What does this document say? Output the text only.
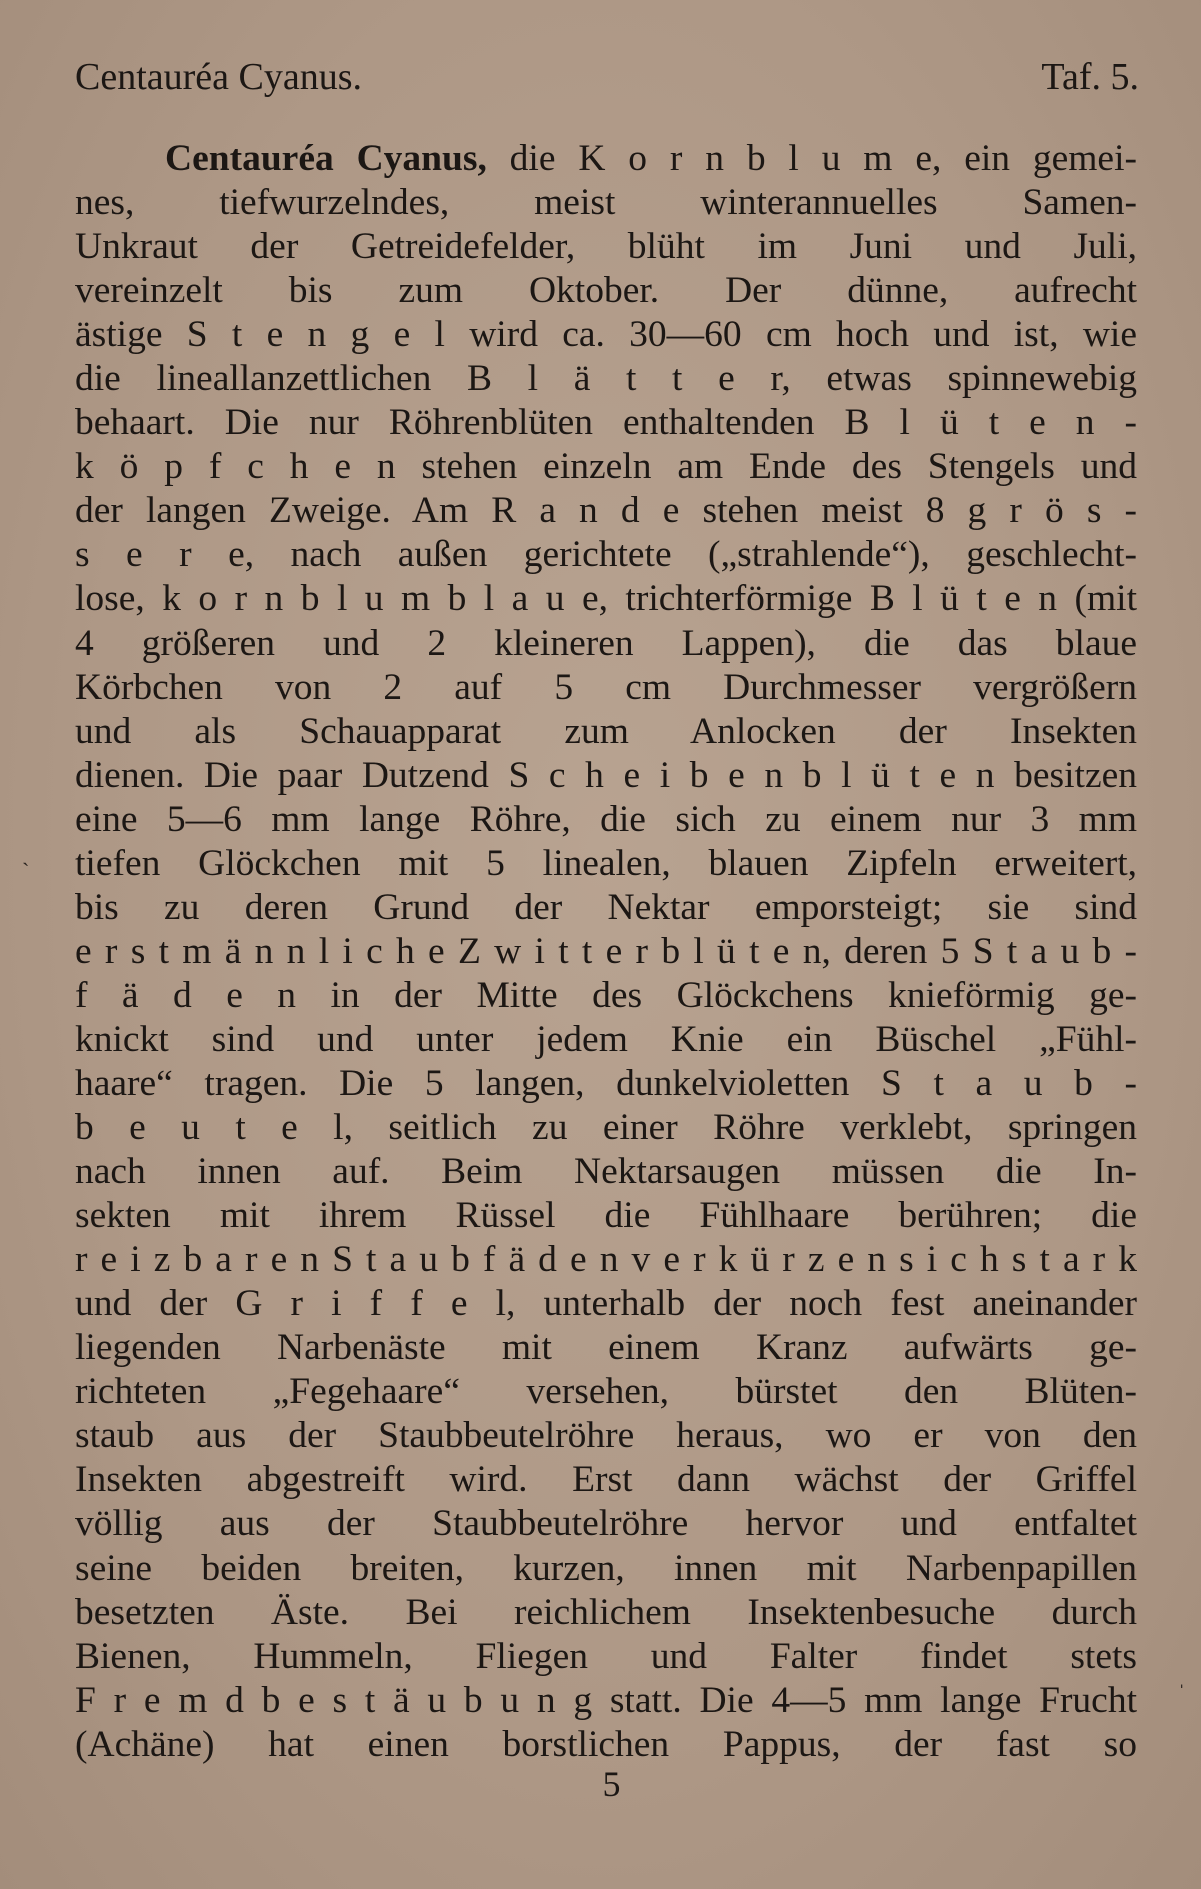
Centauréa Cyanus.	Taf. 5.
Centauréa Cyanus, die K o r n b l u m e, ein gemei-
nes, tiefwurzelndes, meist winterannuelles Samen-
Unkraut der Getreidefelder, blüht im Juni und Juli,
vereinzelt bis zum Oktober. Der dünne, aufrecht
ästige S t e n g e l wird ca. 30—60 cm hoch und ist, wie
die lineallanzettlichen B l ä t t e r, etwas spinnewebig
behaart. Die nur Röhrenblüten enthaltenden B l ü t e n -
k ö p f c h e n stehen einzeln am Ende des Stengels und
der langen Zweige. Am R a n d e stehen meist 8 g r ö s -
s e r e, nach außen gerichtete („strahlende“), geschlecht-
lose, k o r n b l u m b l a u e, trichterförmige B l ü t e n (mit
4 größeren und 2 kleineren Lappen), die das blaue
Körbchen von 2 auf 5 cm Durchmesser vergrößern
und als Schauapparat zum Anlocken der Insekten
dienen. Die paar Dutzend S c h e i b e n b l ü t e n besitzen
eine 5—6 mm lange Röhre, die sich zu einem nur 3 mm
tiefen Glöckchen mit 5 linealen, blauen Zipfeln erweitert,
bis zu deren Grund der Nektar emporsteigt; sie sind
e r s t m ä n n l i c h e Z w i t t e r b l ü t e n, deren 5 S t a u b -
f ä d e n in der Mitte des Glöckchens knieförmig ge-
knickt sind und unter jedem Knie ein Büschel „Fühl-
haare“ tragen. Die 5 langen, dunkelvioletten S t a u b -
b e u t e l, seitlich zu einer Röhre verklebt, springen
nach innen auf. Beim Nektarsaugen müssen die In-
sekten mit ihrem Rüssel die Fühlhaare berühren; die
r e i z b a r e n S t a u b f ä d e n v e r k ü r z e n s i c h s t a r k
und der G r i f f e l, unterhalb der noch fest aneinander
liegenden Narbenäste mit einem Kranz aufwärts ge-
richteten „Fegehaare“ versehen, bürstet den Blüten-
staub aus der Staubbeutelröhre heraus, wo er von den
Insekten abgestreift wird. Erst dann wächst der Griffel
völlig aus der Staubbeutelröhre hervor und entfaltet
seine beiden breiten, kurzen, innen mit Narbenpapillen
besetzten Äste. Bei reichlichem Insektenbesuche durch
Bienen, Hummeln, Fliegen und Falter findet stets
F r e m d b e s t ä u b u n g statt. Die 4—5 mm lange Frucht
(Achäne) hat einen borstlichen Pappus, der fast so
5
ˋ
ˈ
